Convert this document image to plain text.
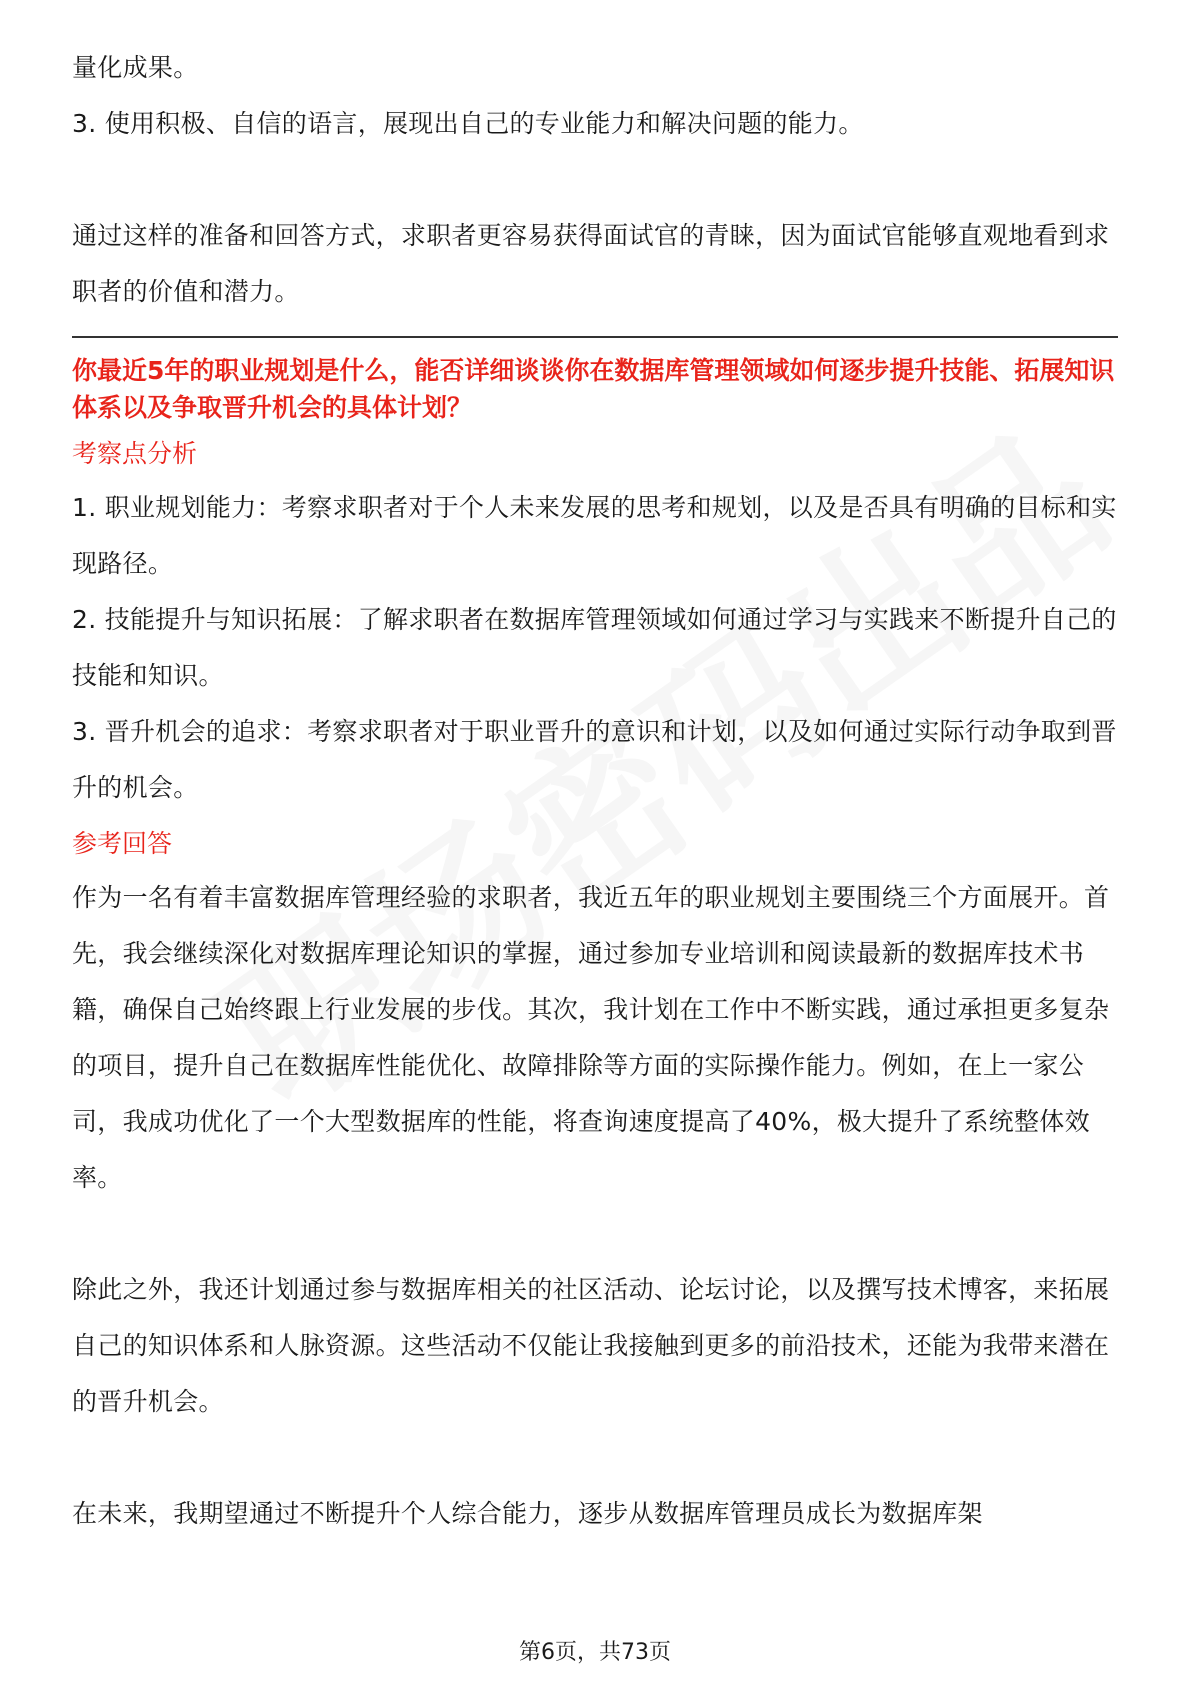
量化成果。

3. 使用积极、自信的语言，展现出自己的专业能力和解决问题的能力。

通过这样的准备和回答方式，求职者更容易获得面试官的青睐，因为面试官能够直观地看到求职者的价值和潜力。

你最近5年的职业规划是什么，能否详细谈谈你在数据库管理领域如何逐步提升技能、拓展知识体系以及争取晋升机会的具体计划？

考察点分析

1. 职业规划能力：考察求职者对于个人未来发展的思考和规划，以及是否具有明确的目标和实现路径。

2. 技能提升与知识拓展：了解求职者在数据库管理领域如何通过学习与实践来不断提升自己的技能和知识。

3. 晋升机会的追求：考察求职者对于职业晋升的意识和计划，以及如何通过实际行动争取到晋升的机会。

参考回答

作为一名有着丰富数据库管理经验的求职者，我近五年的职业规划主要围绕三个方面展开。首先，我会继续深化对数据库理论知识的掌握，通过参加专业培训和阅读最新的数据库技术书籍，确保自己始终跟上行业发展的步伐。其次，我计划在工作中不断实践，通过承担更多复杂的项目，提升自己在数据库性能优化、故障排除等方面的实际操作能力。例如，在上一家公司，我成功优化了一个大型数据库的性能，将查询速度提高了40%，极大提升了系统整体效率。

除此之外，我还计划通过参与数据库相关的社区活动、论坛讨论，以及撰写技术博客，来拓展自己的知识体系和人脉资源。这些活动不仅能让我接触到更多的前沿技术，还能为我带来潜在的晋升机会。

在未来，我期望通过不断提升个人综合能力，逐步从数据库管理员成长为数据库架

第6页，共73页
